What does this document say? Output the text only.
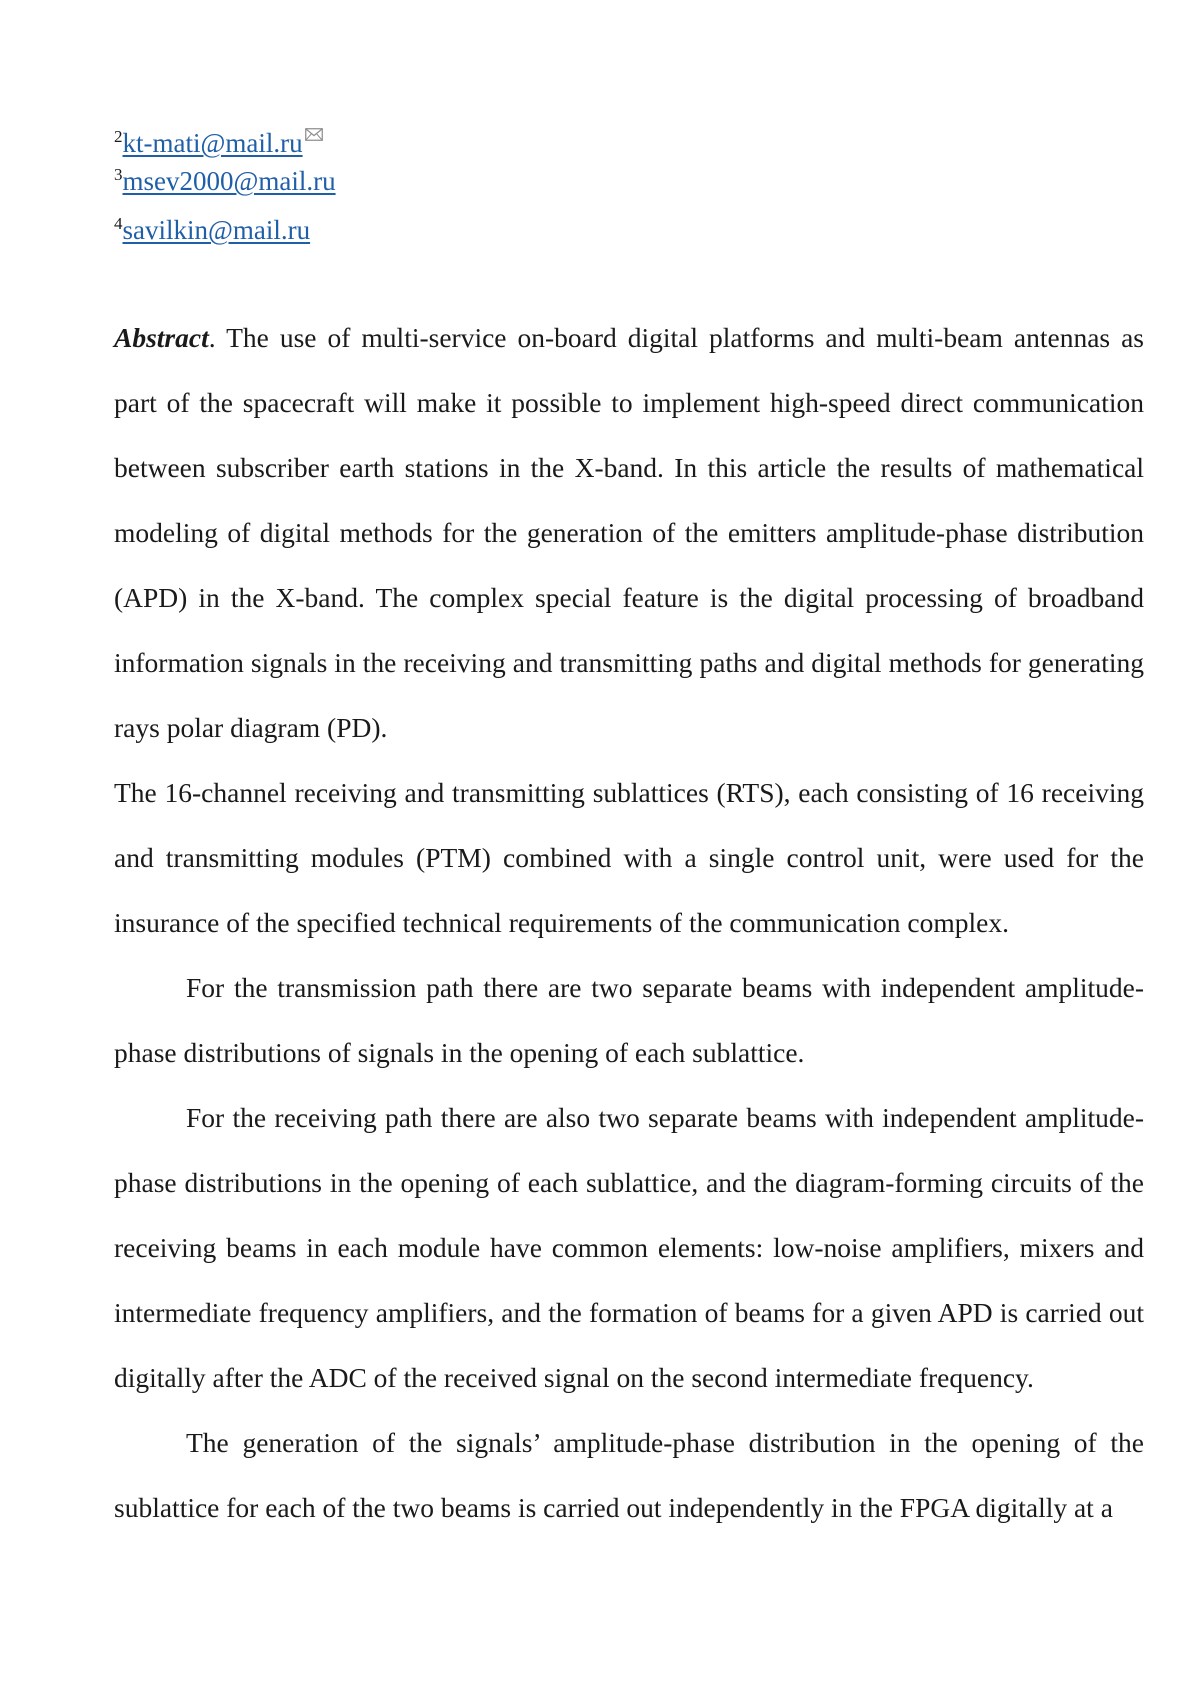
$^2$kt-mati@mail.ru
$^3$msev2000@mail.ru
$^4$savilkin@mail.ru

Abstract. The use of multi-service on-board digital platforms and multi-beam antennas as part of the spacecraft will make it possible to implement high-speed direct communication between subscriber earth stations in the X-band. In this article the results of mathematical modeling of digital methods for the generation of the emitters amplitude-phase distribution (APD) in the X-band. The complex special feature is the digital processing of broadband information signals in the receiving and transmitting paths and digital methods for generating rays polar diagram (PD).

The 16-channel receiving and transmitting sublattices (RTS), each consisting of 16 receiving and transmitting modules (PTM) combined with a single control unit, were used for the insurance of the specified technical requirements of the communication complex.

For the transmission path there are two separate beams with independent amplitude-phase distributions of signals in the opening of each sublattice.

For the receiving path there are also two separate beams with independent amplitude-phase distributions in the opening of each sublattice, and the diagram-forming circuits of the receiving beams in each module have common elements: low-noise amplifiers, mixers and intermediate frequency amplifiers, and the formation of beams for a given APD is carried out digitally after the ADC of the received signal on the second intermediate frequency.

The generation of the signals’ amplitude-phase distribution in the opening of the sublattice for each of the two beams is carried out independently in the FPGA digitally at a
